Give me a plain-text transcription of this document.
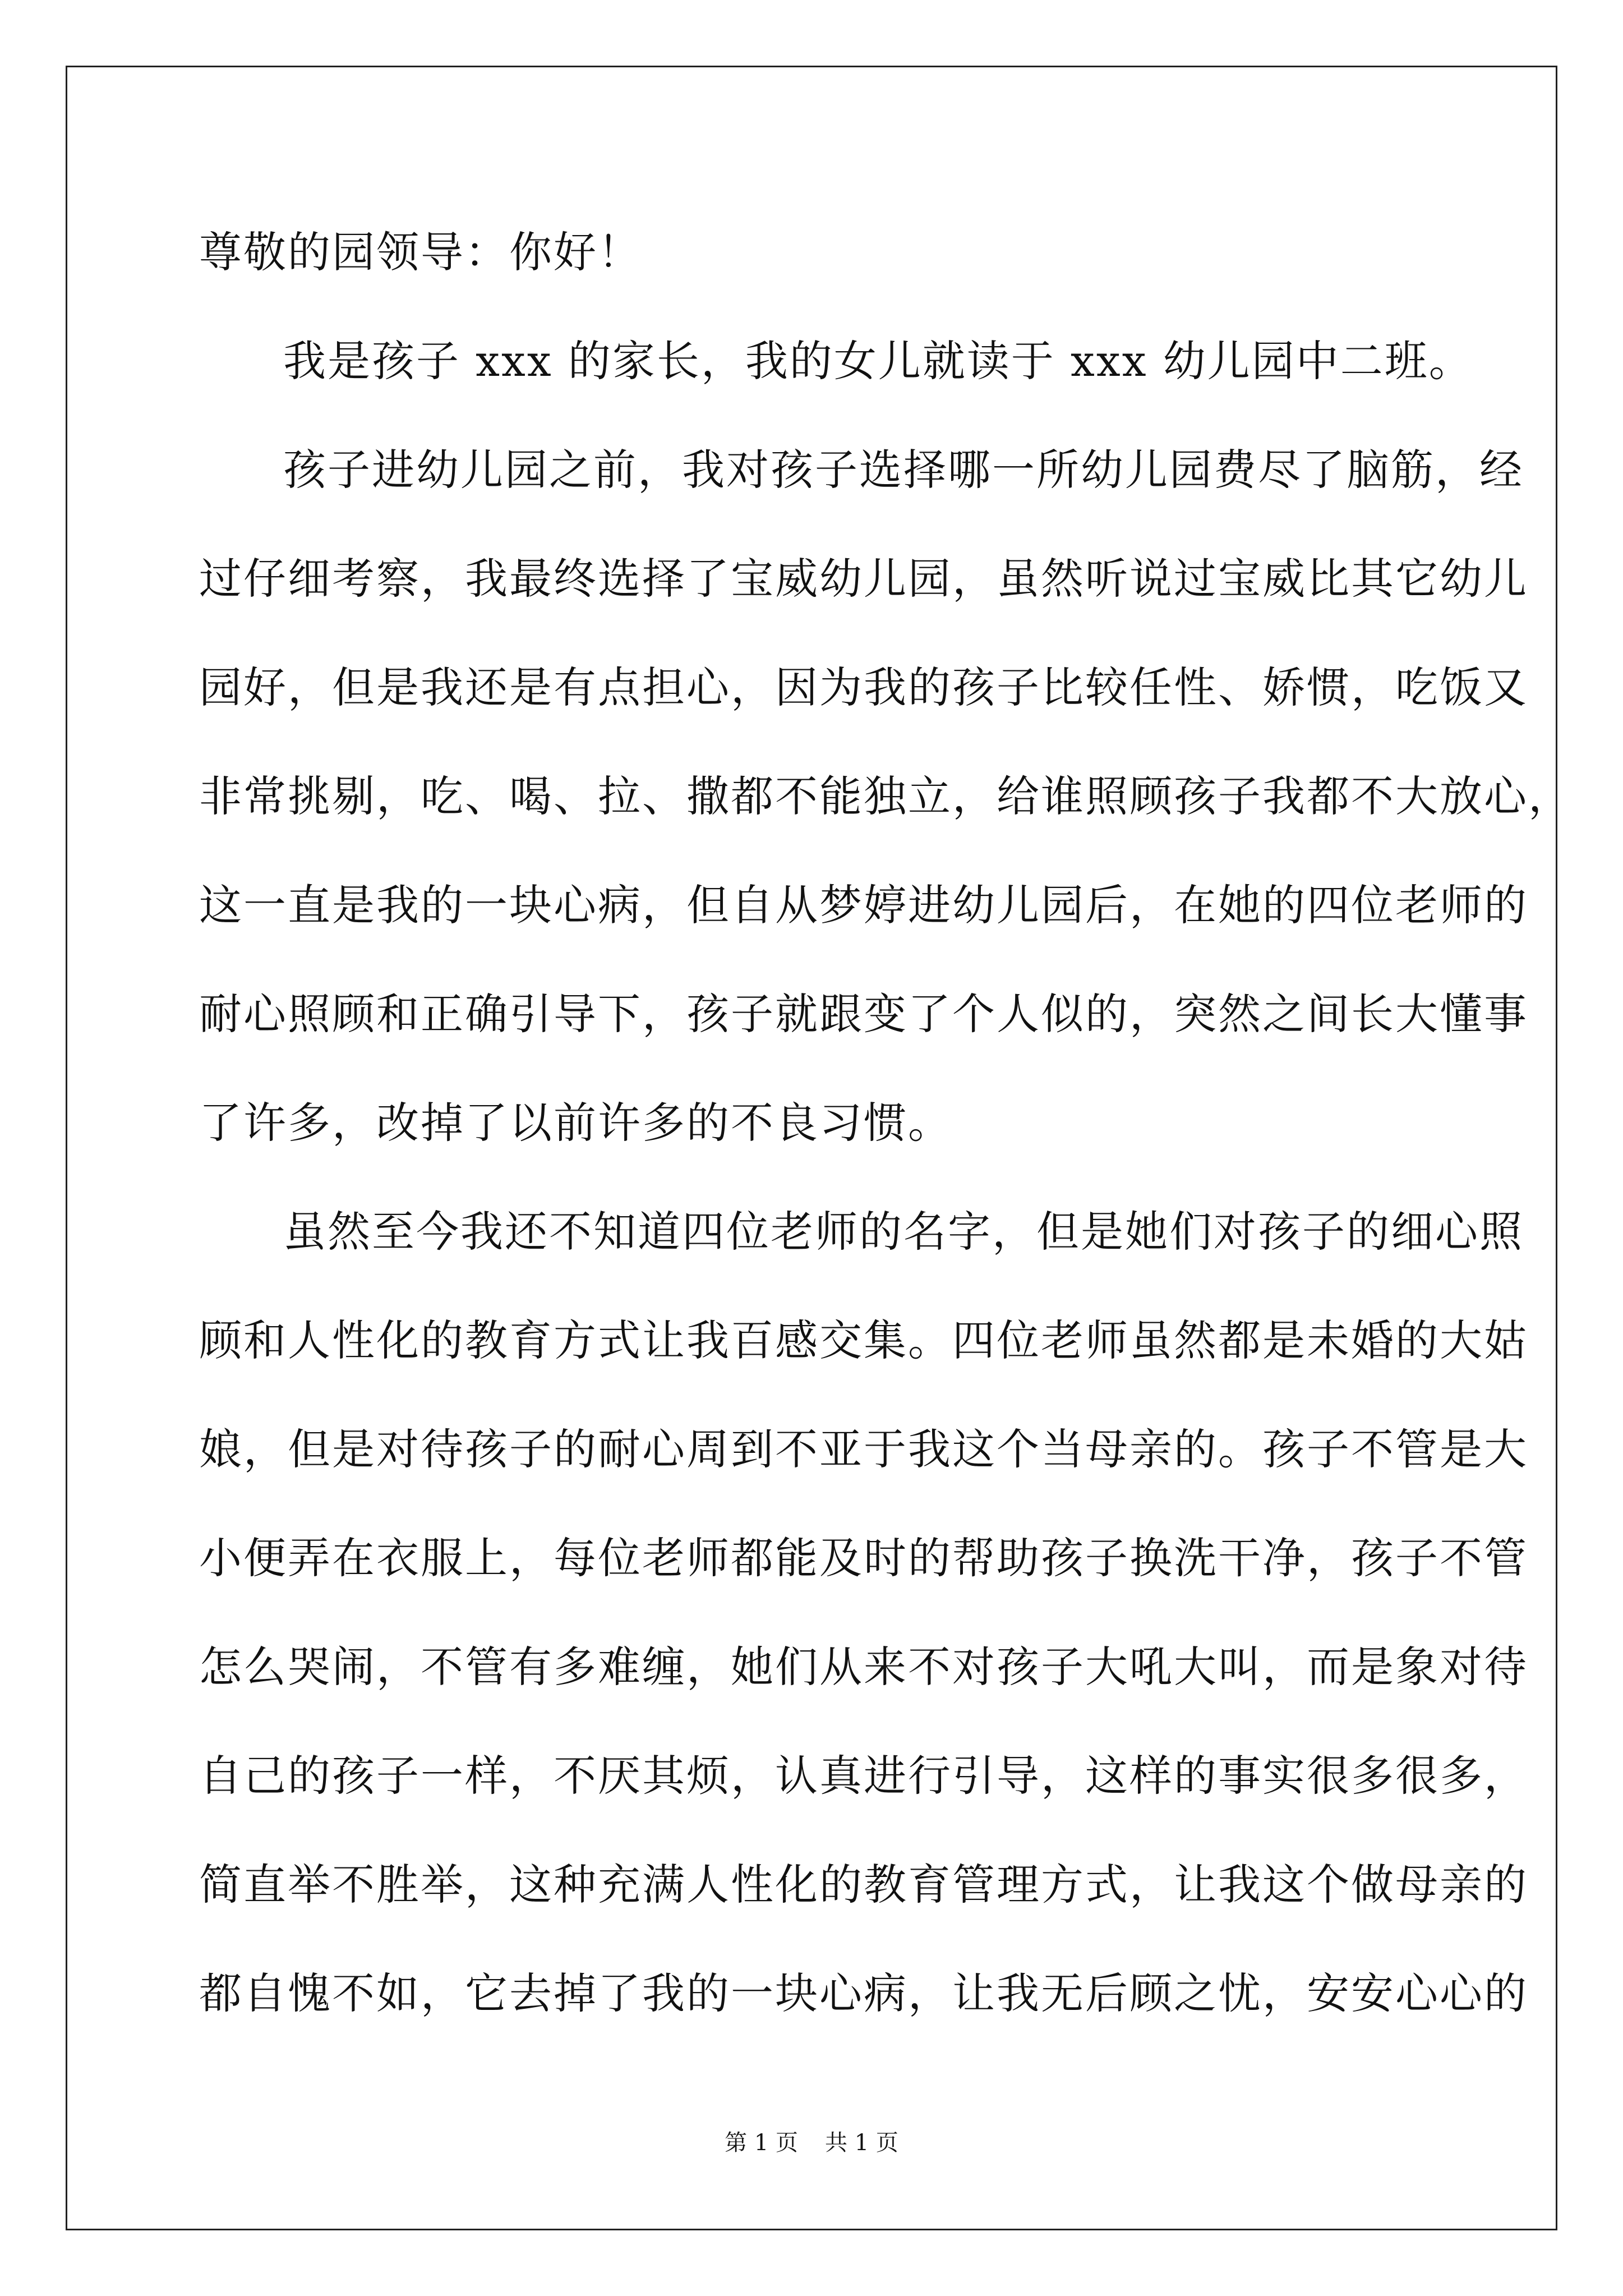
尊敬的园领导：你好！
我是孩子 xxx 的家长，我的女儿就读于 xxx 幼儿园中二班。
孩子进幼儿园之前，我对孩子选择哪一所幼儿园费尽了脑筋，经
过仔细考察，我最终选择了宝威幼儿园，虽然听说过宝威比其它幼儿
园好，但是我还是有点担心，因为我的孩子比较任性、娇惯，吃饭又
非常挑剔，吃、喝、拉、撒都不能独立，给谁照顾孩子我都不大放心，
这一直是我的一块心病，但自从梦婷进幼儿园后，在她的四位老师的
耐心照顾和正确引导下，孩子就跟变了个人似的，突然之间长大懂事
了许多，改掉了以前许多的不良习惯。
虽然至今我还不知道四位老师的名字，但是她们对孩子的细心照
顾和人性化的教育方式让我百感交集。四位老师虽然都是未婚的大姑
娘，但是对待孩子的耐心周到不亚于我这个当母亲的。孩子不管是大
小便弄在衣服上，每位老师都能及时的帮助孩子换洗干净，孩子不管
怎么哭闹，不管有多难缠，她们从来不对孩子大吼大叫，而是象对待
自己的孩子一样，不厌其烦，认真进行引导，这样的事实很多很多，
简直举不胜举，这种充满人性化的教育管理方式，让我这个做母亲的
都自愧不如，它去掉了我的一块心病，让我无后顾之忧，安安心心的
第 1 页 共 1 页
